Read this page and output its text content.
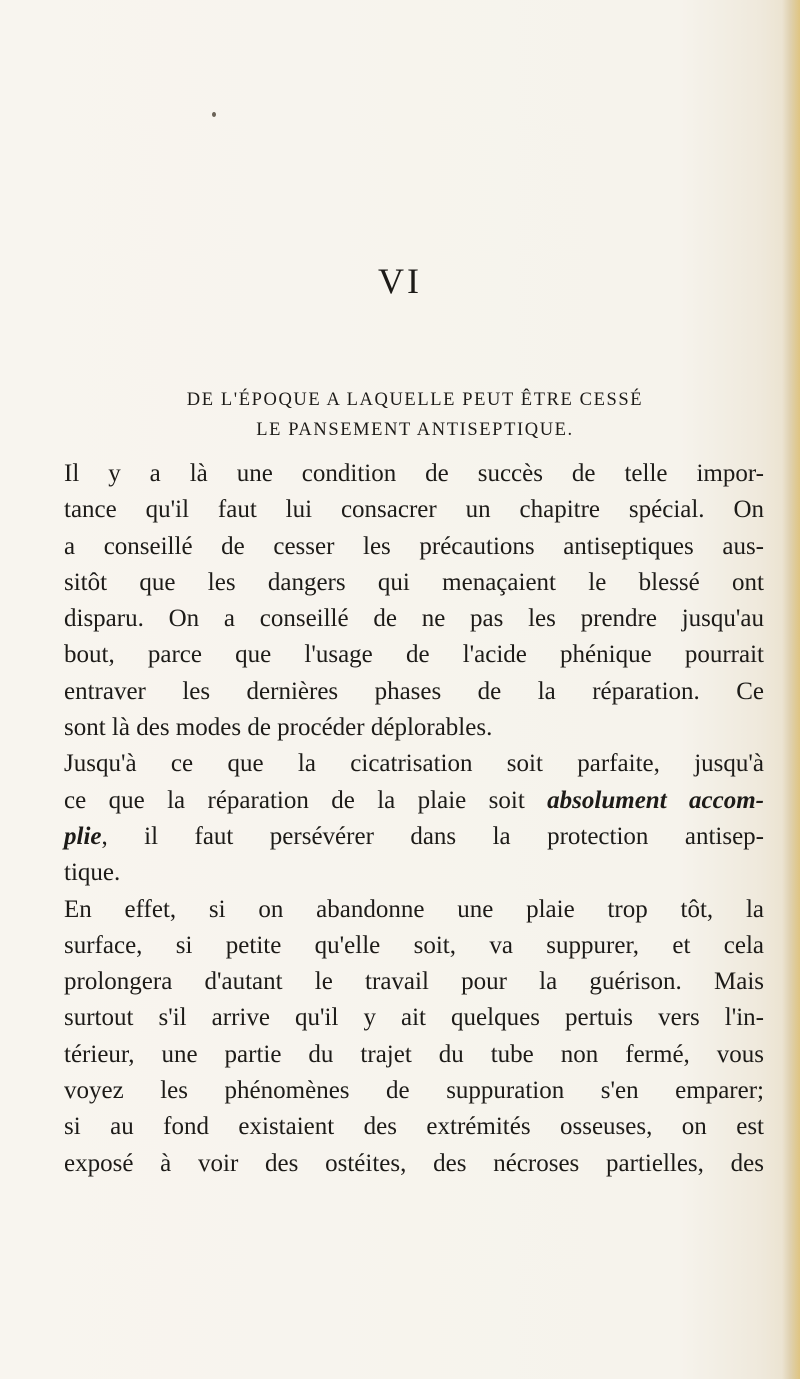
VI
DE L'ÉPOQUE A LAQUELLE PEUT ÊTRE CESSÉ
LE PANSEMENT ANTISEPTIQUE.
Il y a là une condition de succès de telle impor-
tance qu'il faut lui consacrer un chapitre spécial. On
a conseillé de cesser les précautions antiseptiques aus-
sitôt que les dangers qui menaçaient le blessé ont
disparu. On a conseillé de ne pas les prendre jusqu'au
bout, parce que l'usage de l'acide phénique pourrait
entraver les dernières phases de la réparation. Ce
sont là des modes de procéder déplorables.
Jusqu'à ce que la cicatrisation soit parfaite, jusqu'à
ce que la réparation de la plaie soit absolument accom-
plie, il faut persévérer dans la protection antisep-
tique.
En effet, si on abandonne une plaie trop tôt, la
surface, si petite qu'elle soit, va suppurer, et cela
prolongera d'autant le travail pour la guérison. Mais
surtout s'il arrive qu'il y ait quelques pertuis vers l'in-
térieur, une partie du trajet du tube non fermé, vous
voyez les phénomènes de suppuration s'en emparer;
si au fond existaient des extrémités osseuses, on est
exposé à voir des ostéites, des nécroses partielles, des
